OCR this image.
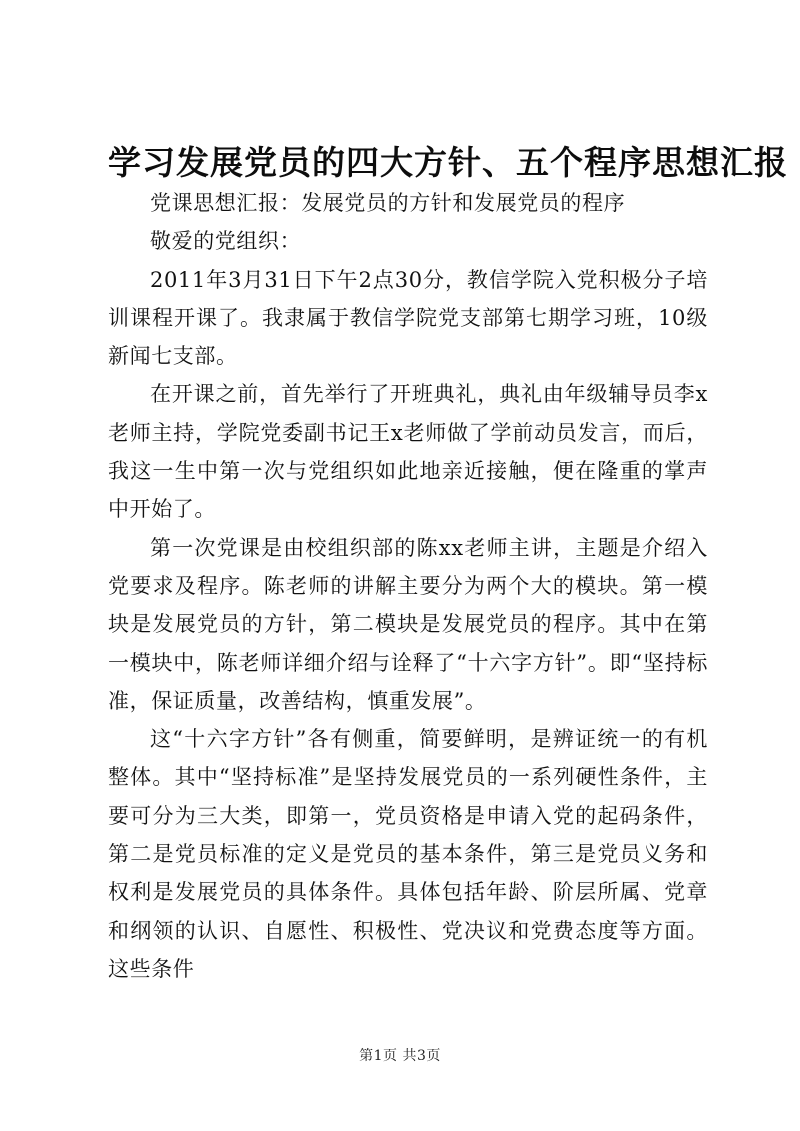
学习发展党员的四大方针、五个程序思想汇报

党课思想汇报：发展党员的方针和发展党员的程序

敬爱的党组织：

2011年3月31日下午2点30分，教信学院入党积极分子培训课程开课了。我隶属于教信学院党支部第七期学习班，10级新闻七支部。

在开课之前，首先举行了开班典礼，典礼由年级辅导员李x老师主持，学院党委副书记王x老师做了学前动员发言，而后，我这一生中第一次与党组织如此地亲近接触，便在隆重的掌声中开始了。

第一次党课是由校组织部的陈xx老师主讲，主题是介绍入党要求及程序。陈老师的讲解主要分为两个大的模块。第一模块是发展党员的方针，第二模块是发展党员的程序。其中在第一模块中，陈老师详细介绍与诠释了“十六字方针”。即“坚持标准，保证质量，改善结构，慎重发展”。

这“十六字方针”各有侧重，简要鲜明，是辨证统一的有机整体。其中“坚持标准”是坚持发展党员的一系列硬性条件，主要可分为三大类，即第一，党员资格是申请入党的起码条件，第二是党员标准的定义是党员的基本条件，第三是党员义务和权利是发展党员的具体条件。具体包括年龄、阶层所属、党章和纲领的认识、自愿性、积极性、党决议和党费态度等方面。这些条件

第1页 共3页
